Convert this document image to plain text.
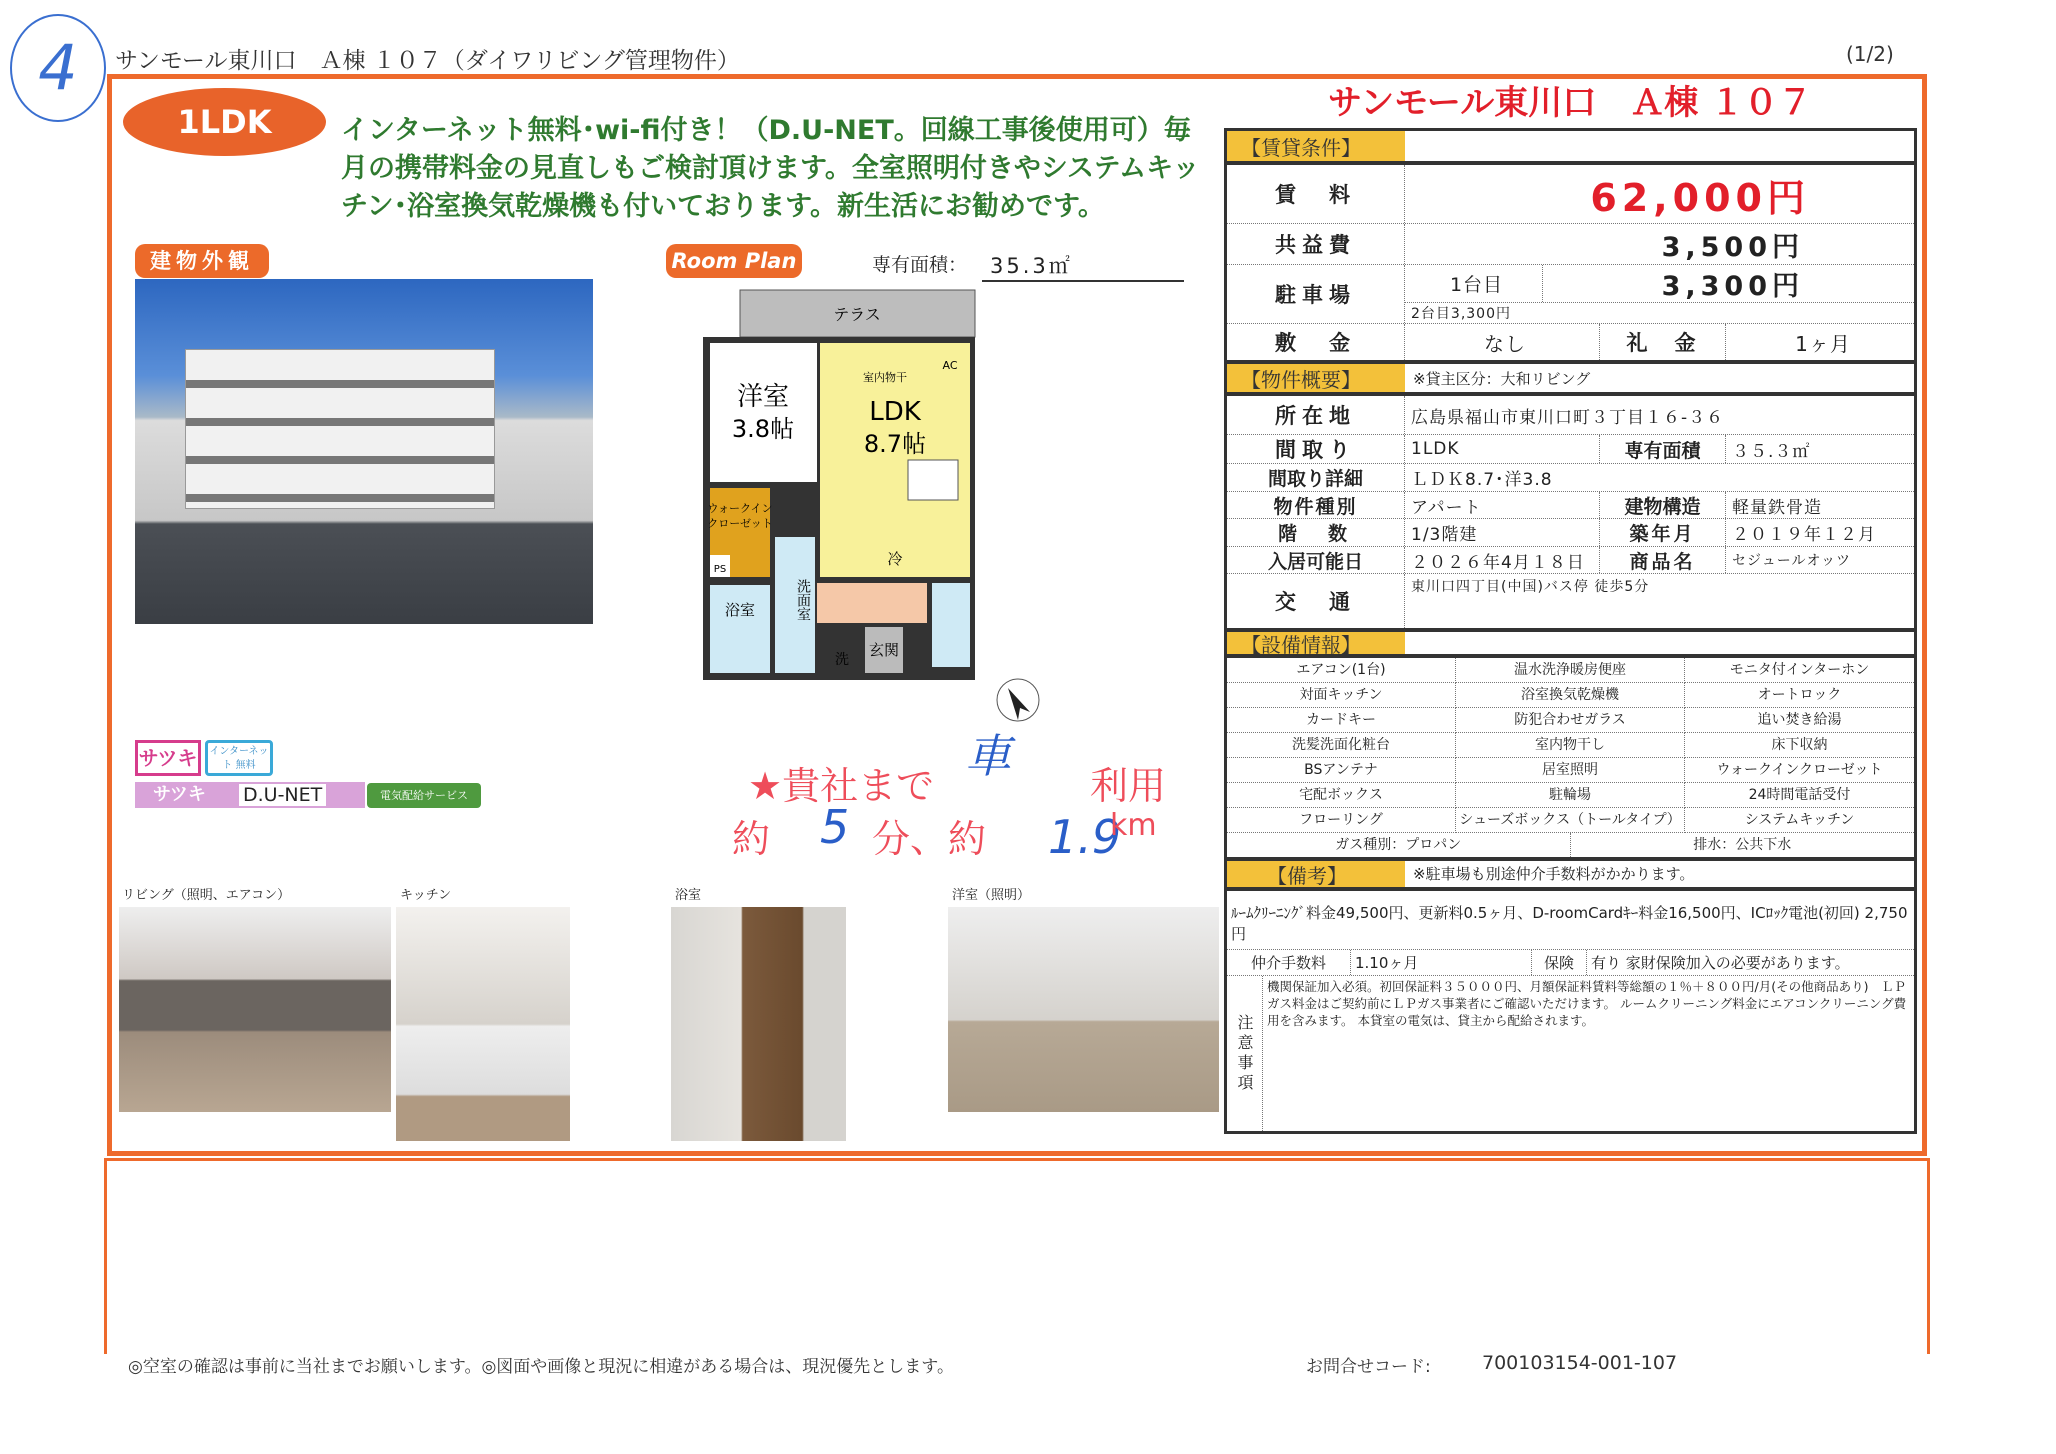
4	サンモール東川口　Ａ棟 １０７（ダイワリビング管理物件）	(1/2)
1LDK	インターネット無料･wi-fi付き！（D.U-NET。回線工事後使用可）毎月の携帯料金の見直しもご検討頂けます。全室照明付きやシステムキッチン･浴室換気乾燥機も付いております。新生活にお勧めです。
建物外観	Room Plan	専有面積：	35.3㎡
テラス
洋室
3.8帖
LDK
8.7帖
室内物干
AC
ウォークイン
クローゼット
PS
浴室	洗面室
洗
冷
玄関
サツキ	インターネット 無料
サツキ D.U-NET	電気配給サービス	★貴社まで
車
利用
約 5 分、約 1.9
km
リビング（照明、エアコン）	キッチン	浴室	洋室（照明）
サンモール東川口　Ａ棟 １０７
【賃貸条件】
賃　料	62,000円
共益費	3,500円
駐車場	1台目	3,300円
2台目3,300円
敷　金	なし	礼　金	1ヶ月
【物件概要】	※貸主区分：大和リビング
所在地	広島県福山市東川口町３丁目１６-３６
間取り	1LDK	専有面積	３５.３㎡
間取り詳細	ＬＤＫ8.7･洋3.8
物件種別	アパート	建物構造	軽量鉄骨造
階　数	1/3階建	築年月	２０１９年１２月
入居可能日	２０２６年4月１８日	商品名	セジュールオッツ
交　通
東川口四丁目(中国)バス停 徒歩5分
【設備情報】
エアコン(1台)	温水洗浄暖房便座	モニタ付インターホン
対面キッチン	浴室換気乾燥機	オートロック
カードキー	防犯合わせガラス	追い焚き給湯
洗髪洗面化粧台	室内物干し	床下収納
BSアンテナ	居室照明	ウォークインクローゼット
宅配ボックス	駐輪場	24時間電話受付
フローリング	シューズボックス（トールタイプ）	システムキッチン
ガス種別：プロパン	排水：公共下水
【備考】	※駐車場も別途仲介手数料がかかります。
ﾙｰﾑｸﾘｰﾆﾝｸﾞ料金49,500円、更新料0.5ヶ月、D-roomCardｷｰ料金16,500円、ICﾛｯｸ電池(初回) 2,750円
仲介手数料	1.10ヶ月	保険	有り 家財保険加入の必要があります。
注意事項
機関保証加入必須。初回保証料３５０００円、月額保証料賃料等総額の１％＋８００円/月(その他商品あり)　ＬＰガス料金はご契約前にＬＰガス事業者にご確認いただけます。 ルームクリーニング料金にエアコンクリーニング費用を含みます。 本貸室の電気は、貸主から配給されます。
◎空室の確認は事前に当社までお願いします。◎図面や画像と現況に相違がある場合は、現況優先とします。	お問合せコード:	700103154-001-107
